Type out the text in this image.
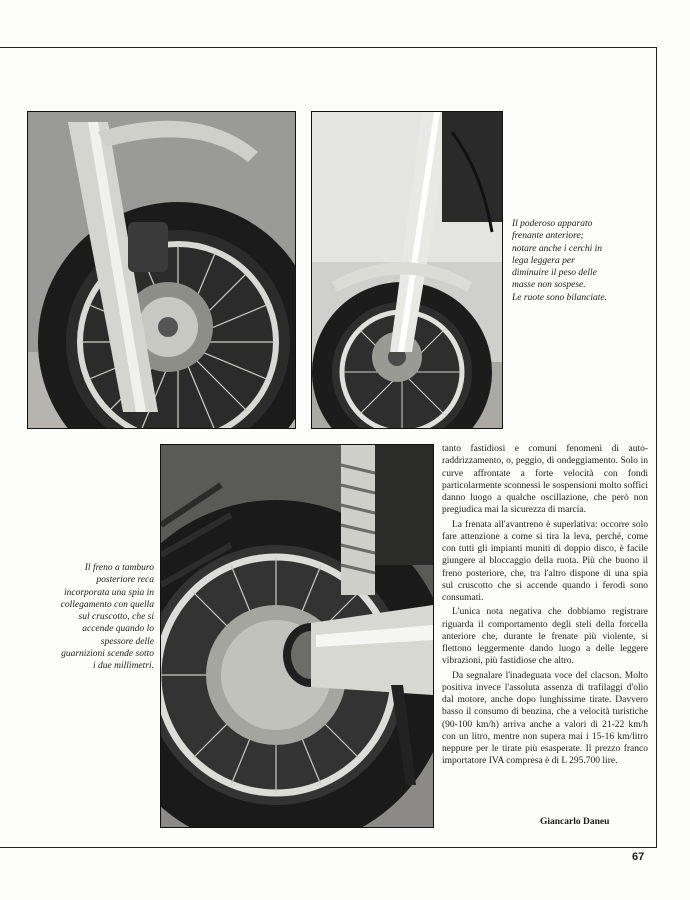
Il poderoso apparato
frenante anteriore;
notare anche i cerchi in
lega leggera per
diminuire il peso delle
masse non sospese.
Le ruote sono bilanciate.
Il freno a tamburo
posteriore reca
incorporata una spia in
collegamento con quella
sul cruscotto, che si
accende quando lo
spessore delle
guarnizioni scende sotto
i due millimetri.

tanto fastidiosi e comuni fenomeni di auto-raddrizzamento, o, peggio, di ondeggiamento. Solo in curve affrontate a forte velocità con fondi particolarmente sconnessi le sospensioni molto soffici danno luogo a qualche oscillazione, che però non pregiudica mai la sicurezza di marcia.

La frenata all'avantreno è superlativa: occorre solo fare attenzione a come si tira la leva, perché, come con tutti gli impianti muniti di doppio disco, è facile giungere al bloccaggio della ruota. Più che buono il freno posteriore, che, tra l'altro dispone di una spia sul cruscotto che si accende quando i ferodi sono consumati.

L'unica nota negativa che dobbiamo registrare riguarda il comportamento degli steli della forcella anteriore che, durante le frenate più violente, si flettono leggermente dando luogo a delle leggere vibrazioni, più fastidiose che altro.

Da segnalare l'inadeguata voce del clacson. Molto positiva invece l'assoluta assenza di trafilaggi d'olio dal motore, anche dopo lunghissime tirate. Davvero basso il consumo di benzina, che a velocità turistiche (90-100 km/h) arriva anche a valori di 21-22 km/h con un litro, mentre non supera mai i 15-16 km/litro neppure per le tirate più esasperate. Il prezzo franco importatore IVA compresa è di L 295.700 lire.

Giancarlo Daneu
67
